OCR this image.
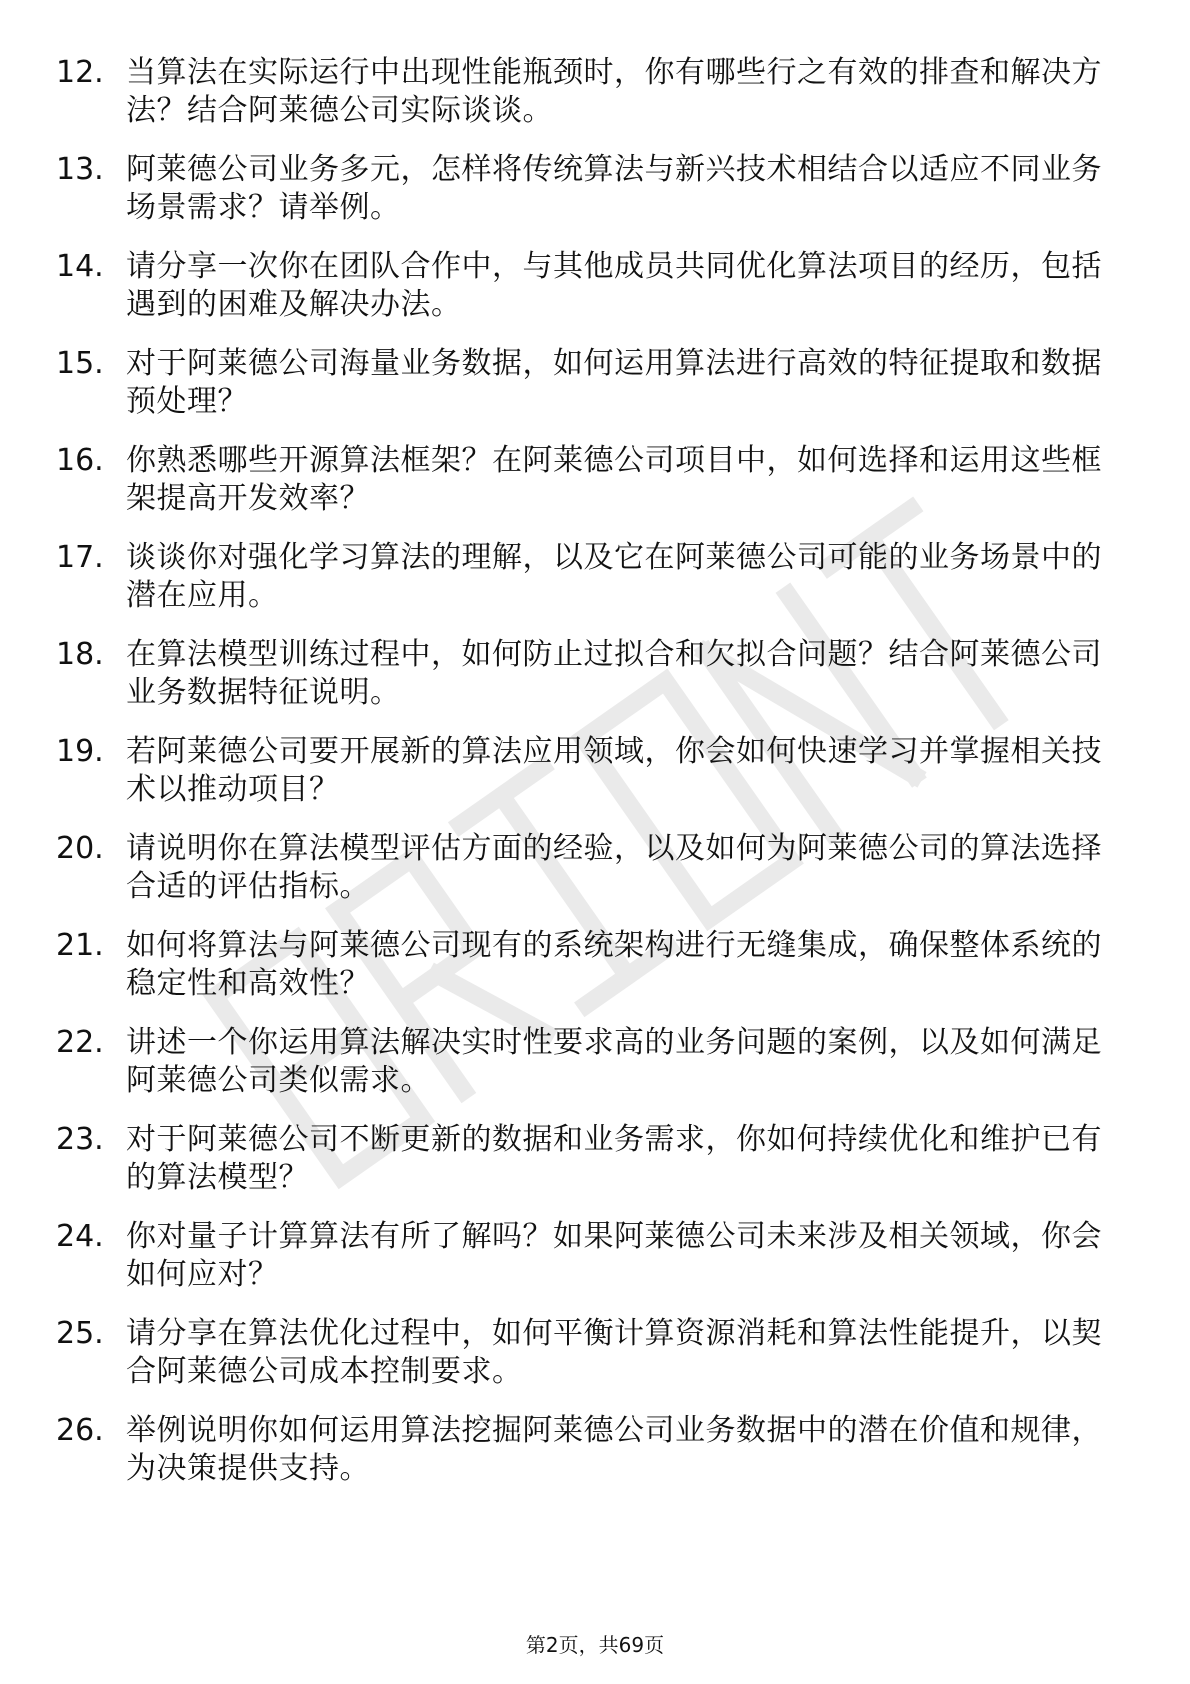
12. 当算法在实际运行中出现性能瓶颈时，你有哪些行之有效的排查和解决方法？结合阿莱德公司实际谈谈。
13. 阿莱德公司业务多元，怎样将传统算法与新兴技术相结合以适应不同业务场景需求？请举例。
14. 请分享一次你在团队合作中，与其他成员共同优化算法项目的经历，包括遇到的困难及解决办法。
15. 对于阿莱德公司海量业务数据，如何运用算法进行高效的特征提取和数据预处理？
16. 你熟悉哪些开源算法框架？在阿莱德公司项目中，如何选择和运用这些框架提高开发效率？
17. 谈谈你对强化学习算法的理解，以及它在阿莱德公司可能的业务场景中的潜在应用。
18. 在算法模型训练过程中，如何防止过拟合和欠拟合问题？结合阿莱德公司业务数据特征说明。
19. 若阿莱德公司要开展新的算法应用领域，你会如何快速学习并掌握相关技术以推动项目？
20. 请说明你在算法模型评估方面的经验，以及如何为阿莱德公司的算法选择合适的评估指标。
21. 如何将算法与阿莱德公司现有的系统架构进行无缝集成，确保整体系统的稳定性和高效性？
22. 讲述一个你运用算法解决实时性要求高的业务问题的案例，以及如何满足阿莱德公司类似需求。
23. 对于阿莱德公司不断更新的数据和业务需求，你如何持续优化和维护已有的算法模型？
24. 你对量子计算算法有所了解吗？如果阿莱德公司未来涉及相关领域，你会如何应对？
25. 请分享在算法优化过程中，如何平衡计算资源消耗和算法性能提升，以契合阿莱德公司成本控制要求。
26. 举例说明你如何运用算法挖掘阿莱德公司业务数据中的潜在价值和规律，为决策提供支持。
第2页，共69页
